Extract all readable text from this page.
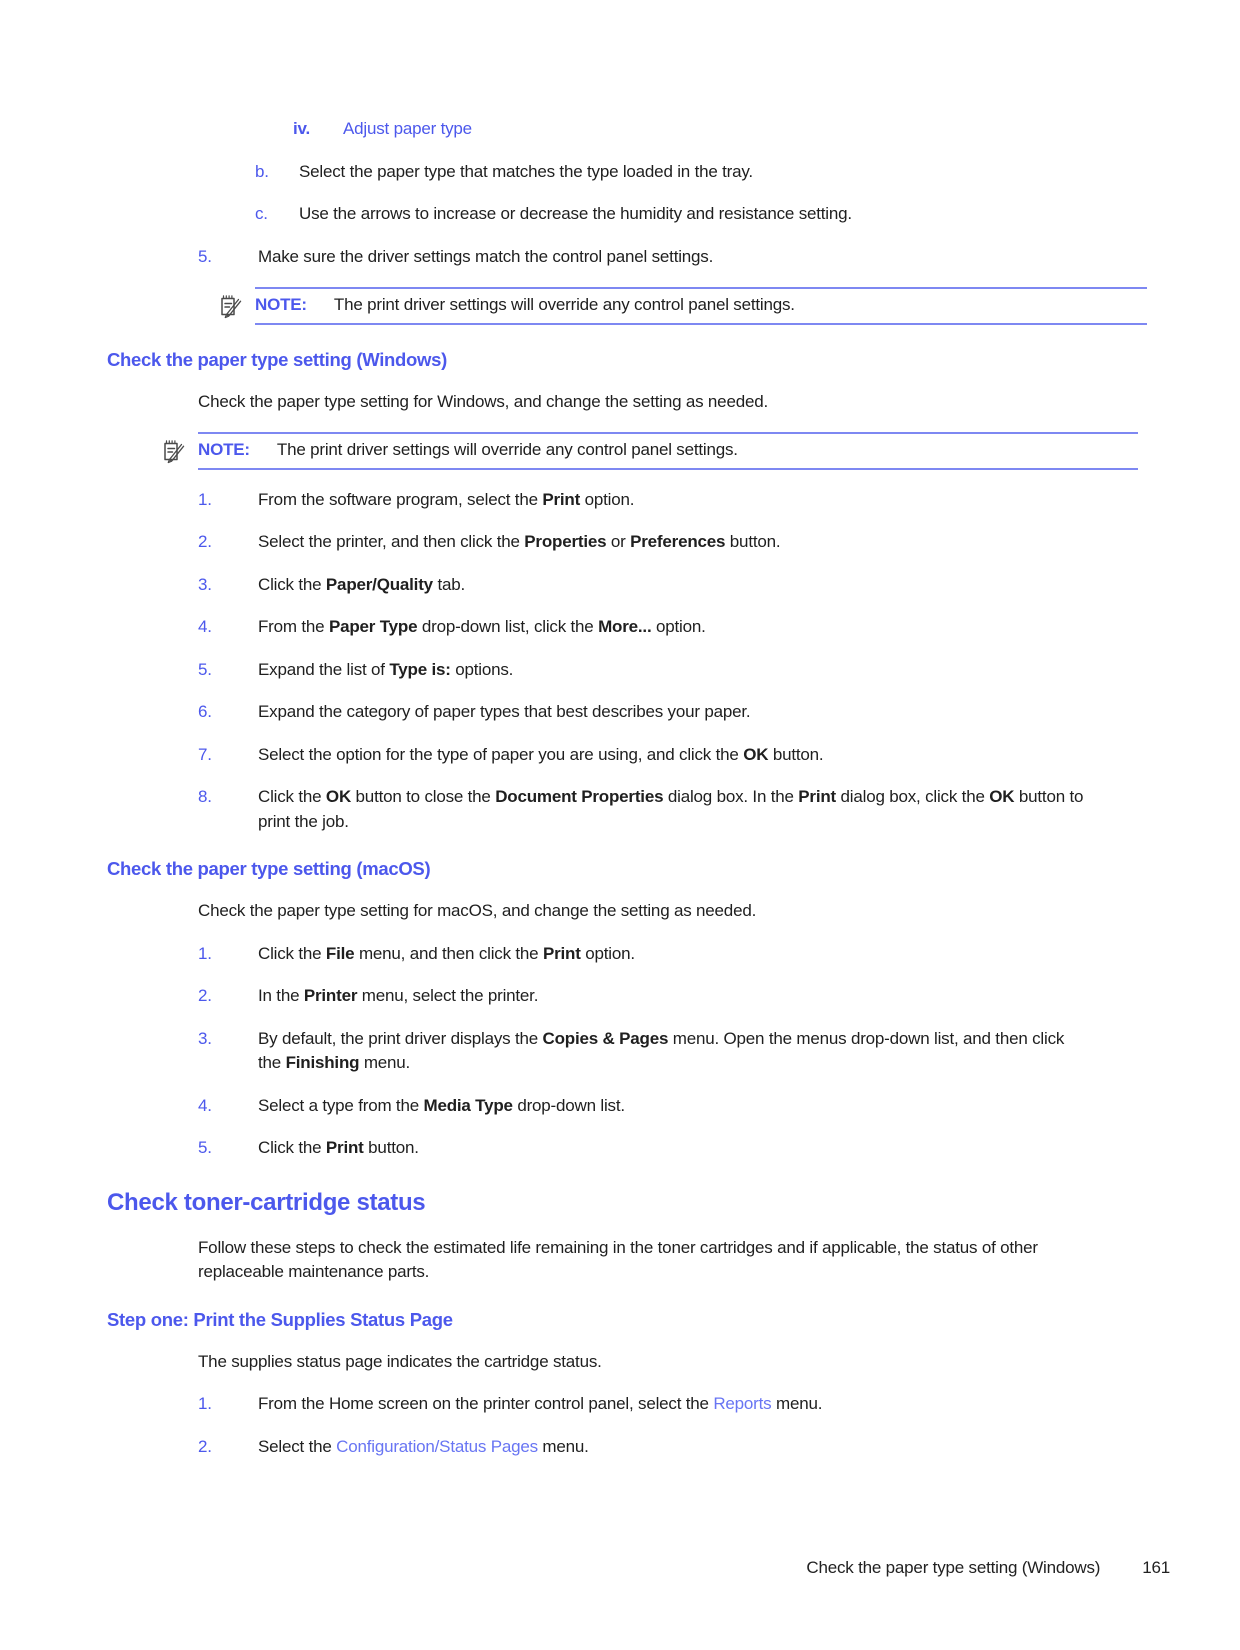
iv.	Adjust paper type
b.	Select the paper type that matches the type loaded in the tray.
c.	Use the arrows to increase or decrease the humidity and resistance setting.
5.	Make sure the driver settings match the control panel settings.
NOTE: The print driver settings will override any control panel settings.
Check the paper type setting (Windows)
Check the paper type setting for Windows, and change the setting as needed.
NOTE: The print driver settings will override any control panel settings.
1.	From the software program, select the Print option.
2.	Select the printer, and then click the Properties or Preferences button.
3.	Click the Paper/Quality tab.
4.	From the Paper Type drop-down list, click the More... option.
5.	Expand the list of Type is: options.
6.	Expand the category of paper types that best describes your paper.
7.	Select the option for the type of paper you are using, and click the OK button.
8.	Click the OK button to close the Document Properties dialog box. In the Print dialog box, click the OK button to print the job.
Check the paper type setting (macOS)
Check the paper type setting for macOS, and change the setting as needed.
1.	Click the File menu, and then click the Print option.
2.	In the Printer menu, select the printer.
3.	By default, the print driver displays the Copies & Pages menu. Open the menus drop-down list, and then click the Finishing menu.
4.	Select a type from the Media Type drop-down list.
5.	Click the Print button.
Check toner-cartridge status
Follow these steps to check the estimated life remaining in the toner cartridges and if applicable, the status of other replaceable maintenance parts.
Step one: Print the Supplies Status Page
The supplies status page indicates the cartridge status.
1.	From the Home screen on the printer control panel, select the Reports menu.
2.	Select the Configuration/Status Pages menu.
Check the paper type setting (Windows) 161
